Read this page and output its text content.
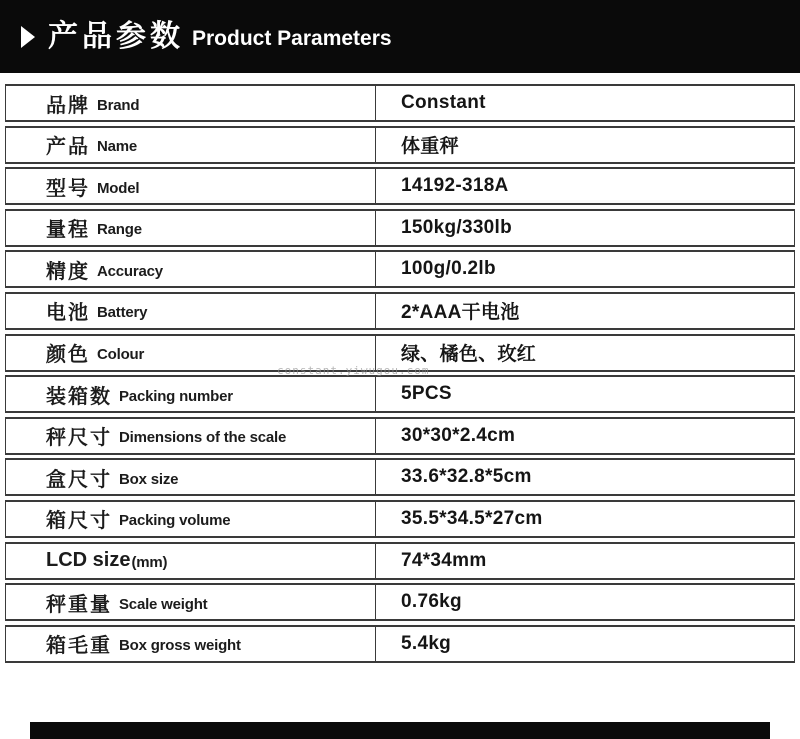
产品参数 Product Parameters
品牌 Brand	Constant
产品 Name	体重秤
型号 Model	14192-318A
量程 Range	150kg/330lb
精度 Accuracy	100g/0.2lb
电池 Battery	2*AAA干电池
颜色 Colour	绿、橘色、玫红
装箱数 Packing number	5PCS
秤尺寸 Dimensions of the scale	30*30*2.4cm
盒尺寸 Box size	33.6*32.8*5cm
箱尺寸 Packing volume	35.5*34.5*27cm
LCD size (mm)	74*34mm
秤重量 Scale weight	0.76kg
箱毛重 Box gross weight	5.4kg
constant.yiwugou.com
